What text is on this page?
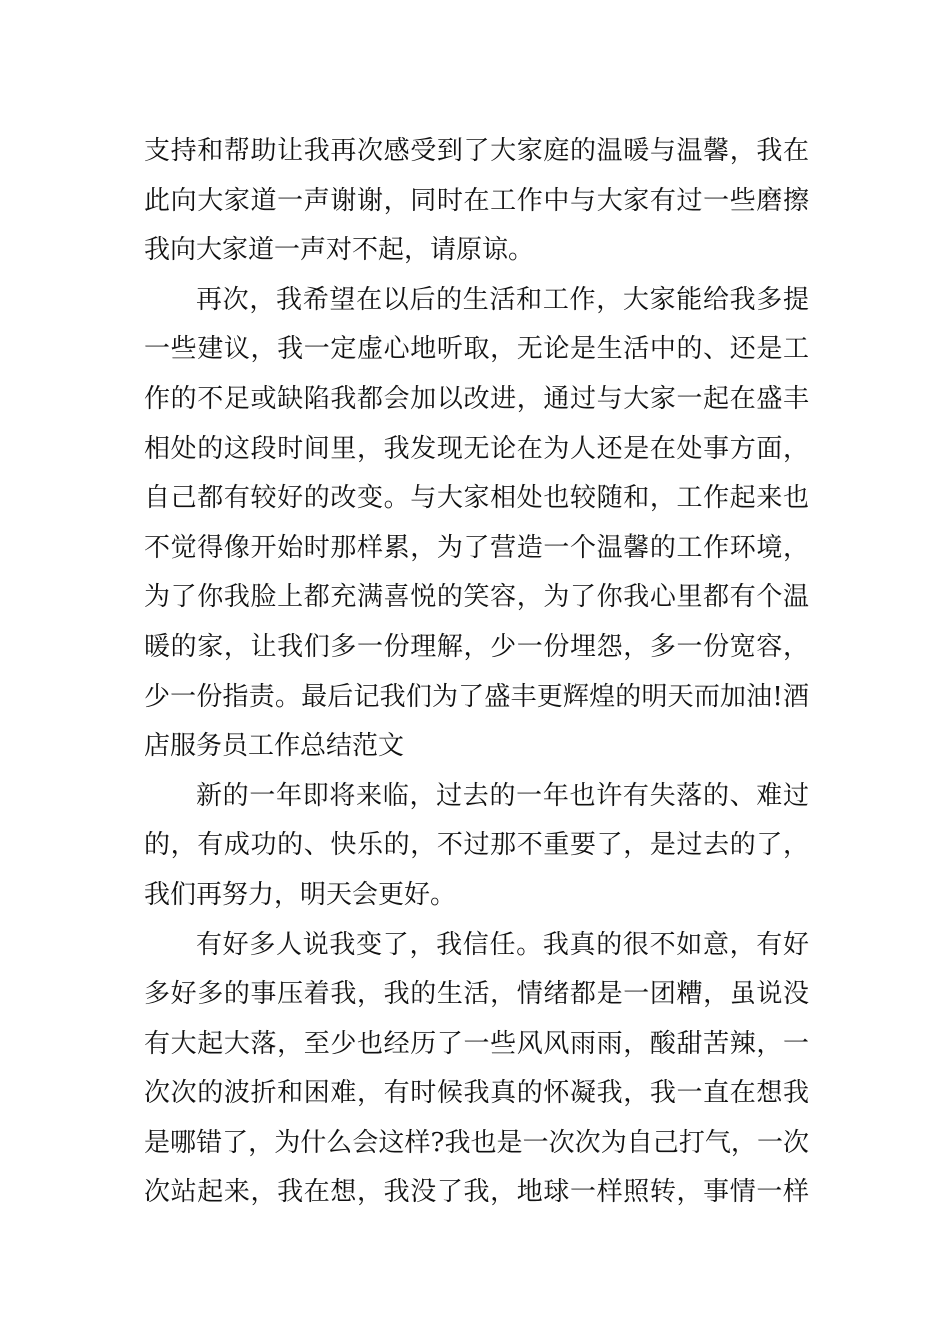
支持和帮助让我再次感受到了大家庭的温暖与温馨，我在
此向大家道一声谢谢，同时在工作中与大家有过一些磨擦
我向大家道一声对不起，请原谅。
再次，我希望在以后的生活和工作，大家能给我多提
一些建议，我一定虚心地听取，无论是生活中的、还是工
作的不足或缺陷我都会加以改进，通过与大家一起在盛丰
相处的这段时间里，我发现无论在为人还是在处事方面，
自己都有较好的改变。与大家相处也较随和，工作起来也
不觉得像开始时那样累，为了营造一个温馨的工作环境，
为了你我脸上都充满喜悦的笑容，为了你我心里都有个温
暖的家，让我们多一份理解，少一份埋怨，多一份宽容，
少一份指责。最后记我们为了盛丰更辉煌的明天而加油!酒
店服务员工作总结范文
新的一年即将来临，过去的一年也许有失落的、难过
的，有成功的、快乐的，不过那不重要了，是过去的了，
我们再努力，明天会更好。
有好多人说我变了，我信任。我真的很不如意，有好
多好多的事压着我，我的生活，情绪都是一团糟，虽说没
有大起大落，至少也经历了一些风风雨雨，酸甜苦辣，一
次次的波折和困难，有时候我真的怀凝我，我一直在想我
是哪错了，为什么会这样?我也是一次次为自己打气，一次
次站起来，我在想，我没了我，地球一样照转，事情一样
